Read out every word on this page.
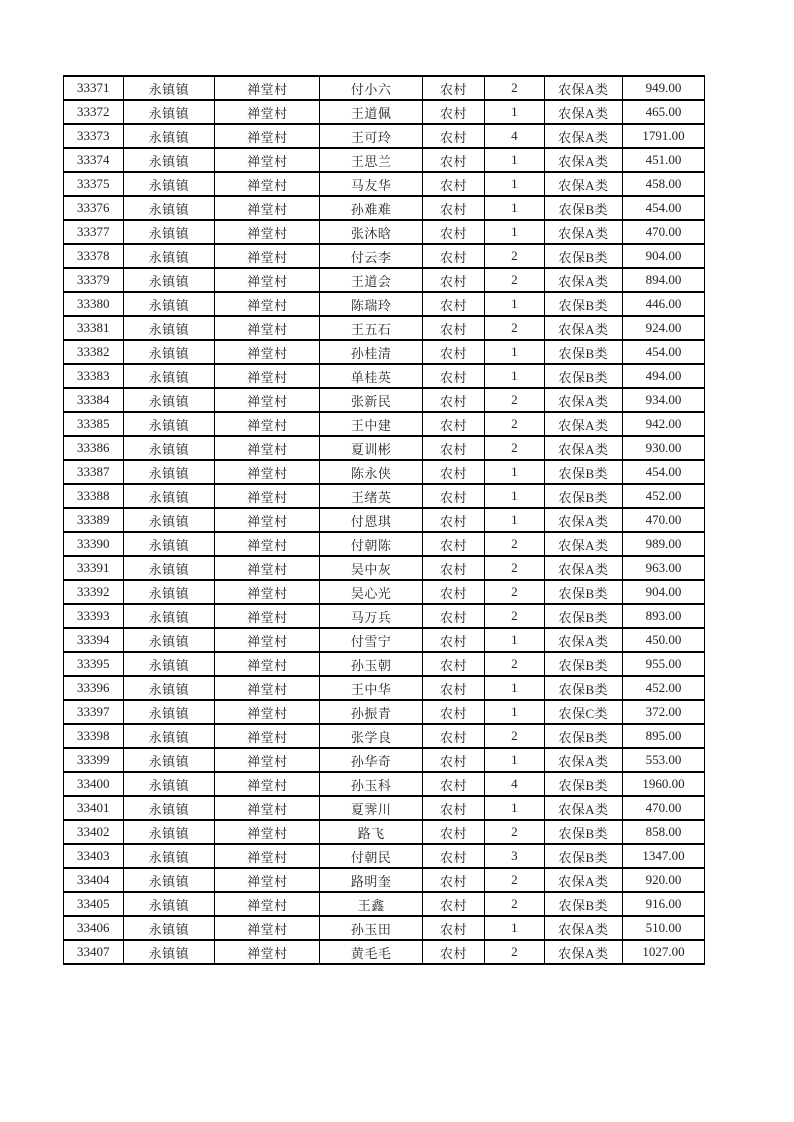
33371	永镇镇	禅堂村	付小六	农村	2	农保A类	949.00
33372	永镇镇	禅堂村	王道佩	农村	1	农保A类	465.00
33373	永镇镇	禅堂村	王可玲	农村	4	农保A类	1791.00
33374	永镇镇	禅堂村	王思兰	农村	1	农保A类	451.00
33375	永镇镇	禅堂村	马友华	农村	1	农保A类	458.00
33376	永镇镇	禅堂村	孙难难	农村	1	农保B类	454.00
33377	永镇镇	禅堂村	张沐晗	农村	1	农保A类	470.00
33378	永镇镇	禅堂村	付云李	农村	2	农保B类	904.00
33379	永镇镇	禅堂村	王道会	农村	2	农保A类	894.00
33380	永镇镇	禅堂村	陈瑞玲	农村	1	农保B类	446.00
33381	永镇镇	禅堂村	王五石	农村	2	农保A类	924.00
33382	永镇镇	禅堂村	孙桂清	农村	1	农保B类	454.00
33383	永镇镇	禅堂村	单桂英	农村	1	农保B类	494.00
33384	永镇镇	禅堂村	张新民	农村	2	农保A类	934.00
33385	永镇镇	禅堂村	王中建	农村	2	农保A类	942.00
33386	永镇镇	禅堂村	夏训彬	农村	2	农保A类	930.00
33387	永镇镇	禅堂村	陈永侠	农村	1	农保B类	454.00
33388	永镇镇	禅堂村	王绪英	农村	1	农保B类	452.00
33389	永镇镇	禅堂村	付恩琪	农村	1	农保A类	470.00
33390	永镇镇	禅堂村	付朝陈	农村	2	农保A类	989.00
33391	永镇镇	禅堂村	吴中灰	农村	2	农保A类	963.00
33392	永镇镇	禅堂村	吴心光	农村	2	农保B类	904.00
33393	永镇镇	禅堂村	马万兵	农村	2	农保B类	893.00
33394	永镇镇	禅堂村	付雪宁	农村	1	农保A类	450.00
33395	永镇镇	禅堂村	孙玉朝	农村	2	农保B类	955.00
33396	永镇镇	禅堂村	王中华	农村	1	农保B类	452.00
33397	永镇镇	禅堂村	孙振青	农村	1	农保C类	372.00
33398	永镇镇	禅堂村	张学良	农村	2	农保B类	895.00
33399	永镇镇	禅堂村	孙华奇	农村	1	农保A类	553.00
33400	永镇镇	禅堂村	孙玉科	农村	4	农保B类	1960.00
33401	永镇镇	禅堂村	夏霁川	农村	1	农保A类	470.00
33402	永镇镇	禅堂村	路飞	农村	2	农保B类	858.00
33403	永镇镇	禅堂村	付朝民	农村	3	农保B类	1347.00
33404	永镇镇	禅堂村	路明奎	农村	2	农保A类	920.00
33405	永镇镇	禅堂村	王鑫	农村	2	农保B类	916.00
33406	永镇镇	禅堂村	孙玉田	农村	1	农保A类	510.00
33407	永镇镇	禅堂村	黄毛毛	农村	2	农保A类	1027.00
